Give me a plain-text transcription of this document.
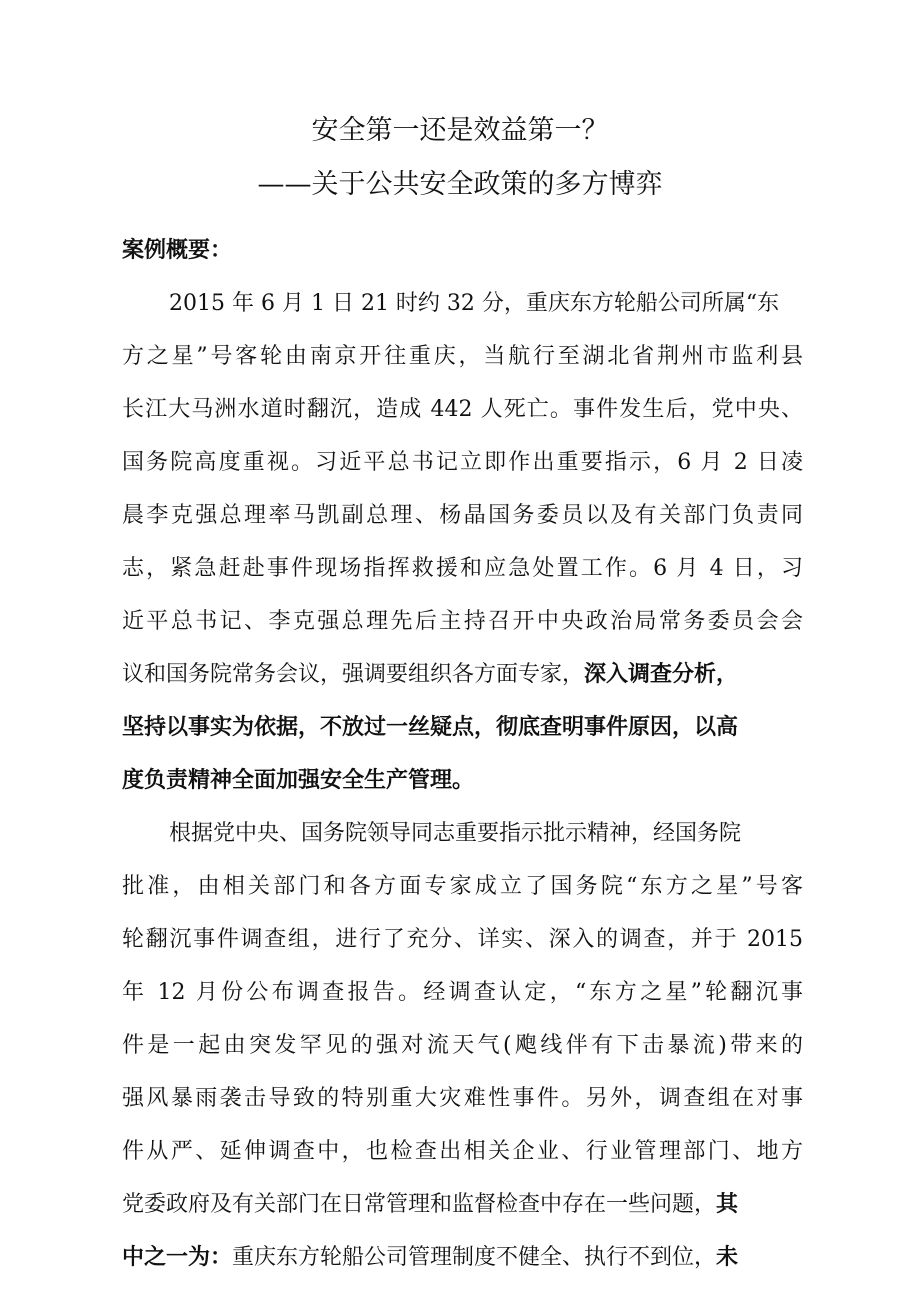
安全第一还是效益第一？
——关于公共安全政策的多方博弈
案例概要：
2015 年 6 月 1 日 21 时约 32 分，重庆东方轮船公司所属“东
方之星”号客轮由南京开往重庆，当航行至湖北省荆州市监利县
长江大马洲水道时翻沉，造成 442 人死亡。事件发生后，党中央、
国务院高度重视。习近平总书记立即作出重要指示，6 月 2 日凌
晨李克强总理率马凯副总理、杨晶国务委员以及有关部门负责同
志，紧急赶赴事件现场指挥救援和应急处置工作。6 月 4 日，习
近平总书记、李克强总理先后主持召开中央政治局常务委员会会
议和国务院常务会议，强调要组织各方面专家，深入调查分析，
坚持以事实为依据，不放过一丝疑点，彻底查明事件原因，以高
度负责精神全面加强安全生产管理。
根据党中央、国务院领导同志重要指示批示精神，经国务院
批准，由相关部门和各方面专家成立了国务院“东方之星”号客
轮翻沉事件调查组，进行了充分、详实、深入的调查，并于 2015
年 12 月份公布调查报告。经调查认定，“东方之星”轮翻沉事
件是一起由突发罕见的强对流天气(飑线伴有下击暴流)带来的
强风暴雨袭击导致的特别重大灾难性事件。另外，调查组在对事
件从严、延伸调查中，也检查出相关企业、行业管理部门、地方
党委政府及有关部门在日常管理和监督检查中存在一些问题，其
中之一为：重庆东方轮船公司管理制度不健全、执行不到位，未
